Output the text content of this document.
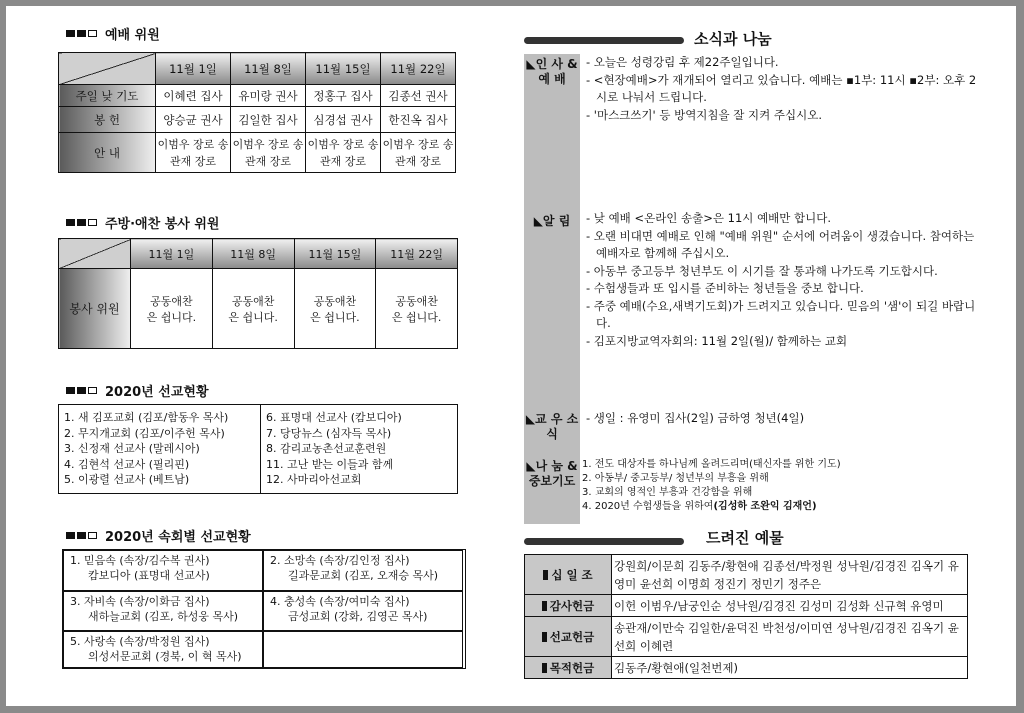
예배 위원
	11월 1일	11월 8일	11월 15일	11월 22일
주일 낮 기도	이혜련 집사	유미랑 권사	정홍구 집사	김종선 권사
봉 헌	양승균 권사	김일한 집사	심경섭 권사	한진옥 집사
안 내	이범우 장로 송관재 장로	이범우 장로 송관재 장로	이범우 장로 송관재 장로	이범우 장로 송관재 장로
주방·애찬 봉사 위원
	11월 1일	11월 8일	11월 15일	11월 22일
봉사 위원	공동애찬은 쉽니다.	공동애찬은 쉽니다.	공동애찬은 쉽니다.	공동애찬은 쉽니다.
2020년 선교현황
1. 새 김포교회 (김포/함동우 목사)
2. 무지개교회 (김포/이주헌 목사)
3. 신정재 선교사 (말레시아)
4. 김현석 선교사 (필리핀)
5. 이광렬 선교사 (베트남)
6. 표명대 선교사 (캄보디아)
7. 당당뉴스 (심자득 목사)
8. 감리교농촌선교훈련원
11. 고난 받는 이들과 함께
12. 사마리아선교회
2020년 속회별 선교현황
1. 믿음속 (속장/김수복 권사)
캄보디아 (표명대 선교사)
2. 소망속 (속장/김인정 집사)
길과문교회 (김포, 오재승 목사)
3. 자비속 (속장/이화금 집사)
새하늘교회 (김포, 하성웅 목사)
4. 충성속 (속장/여미숙 집사)
금성교회 (강화, 김영곤 목사)
5. 사랑속 (속장/박정원 집사)
의성서문교회 (경북, 이 혁 목사)
소식과 나눔
◣인 사 & 예 배
- 오늘은 성령강림 후 제22주일입니다.
- <현장예배>가 재개되어 열리고 있습니다. 예배는 ▪1부: 11시 ▪2부: 오후 2시로 나눠서 드립니다.
- '마스크쓰기' 등 방역지침을 잘 지켜 주십시오.
◣알 림	- 낮 예배 <온라인 송출>은 11시 예배만 합니다.
- 오랜 비대면 예배로 인해 "예배 위원" 순서에 어려움이 생겼습니다. 참여하는 예배자로 함께해 주십시오.
- 아동부 중고등부 청년부도 이 시기를 잘 통과해 나가도록 기도합시다.
- 수험생들과 또 입시를 준비하는 청년들을 중보 합니다.
- 주중 예배(수요,새벽기도회)가 드려지고 있습니다. 믿음의 '샘'이 되길 바랍니다.
- 김포지방교역자회의: 11월 2일(월)/ 함께하는 교회
◣교 우 소 식
- 생일 : 유영미 집사(2일) 금하영 청년(4일)
◣나 눔 & 중보기도
1. 전도 대상자를 하나님께 올려드리며(태신자를 위한 기도)
2. 아동부/ 중고등부/ 청년부의 부흥을 위해
3. 교회의 영적인 부흥과 건강함을 위해
4. 2020년 수험생들을 위하여(김성하 조완익 김재언)
드려진 예물
십 일 조	강원희/이문희 김동주/황현애 김종선/박정원 성낙원/김경진 김옥기 유영미 윤선희 이명희 정진기 정민기 정주은
감사헌금	이헌 이범우/남궁인순 성낙원/김경진 김성미 김성화 신규혁 유영미
선교헌금	송관재/이만숙 김일한/윤덕진 박천성/이미연 성낙원/김경진 김옥기 윤선희 이혜련
목적헌금	김동주/황현애(일천번제)
